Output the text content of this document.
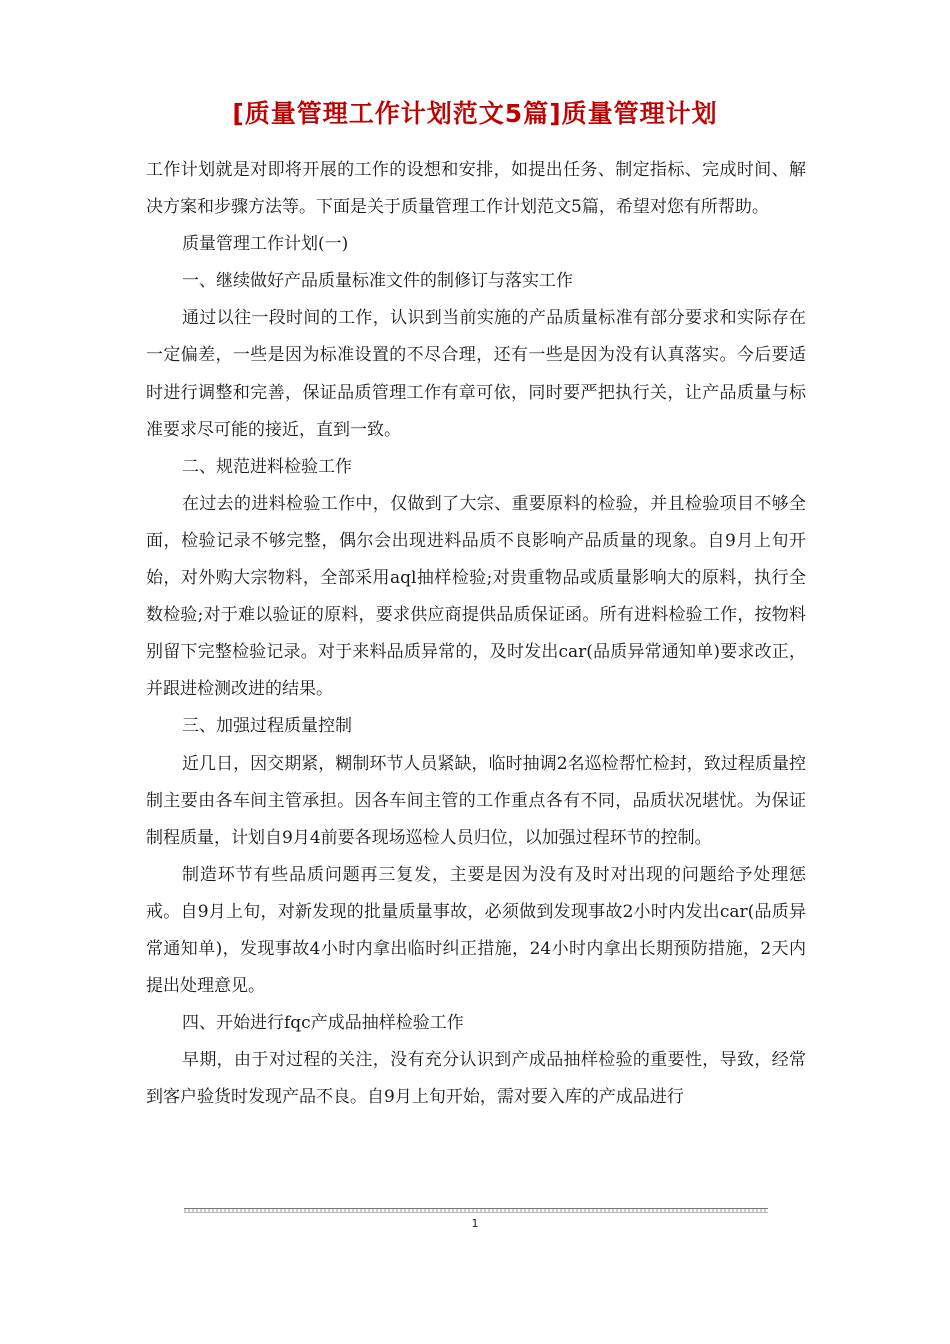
[质量管理工作计划范文5篇]质量管理计划

工作计划就是对即将开展的工作的设想和安排，如提出任务、制定指标、完成时间、解决方案和步骤方法等。下面是关于质量管理工作计划范文5篇，希望对您有所帮助。

质量管理工作计划(一)

一、继续做好产品质量标准文件的制修订与落实工作

通过以往一段时间的工作，认识到当前实施的产品质量标准有部分要求和实际存在一定偏差，一些是因为标准设置的不尽合理，还有一些是因为没有认真落实。今后要适时进行调整和完善，保证品质管理工作有章可依，同时要严把执行关，让产品质量与标准要求尽可能的接近，直到一致。

二、规范进料检验工作

在过去的进料检验工作中，仅做到了大宗、重要原料的检验，并且检验项目不够全面，检验记录不够完整，偶尔会出现进料品质不良影响产品质量的现象。自9月上旬开始，对外购大宗物料，全部采用aql抽样检验;对贵重物品或质量影响大的原料，执行全数检验;对于难以验证的原料，要求供应商提供品质保证函。所有进料检验工作，按物料别留下完整检验记录。对于来料品质异常的，及时发出car(品质异常通知单)要求改正，并跟进检测改进的结果。

三、加强过程质量控制

近几日，因交期紧，糊制环节人员紧缺，临时抽调2名巡检帮忙检封，致过程质量控制主要由各车间主管承担。因各车间主管的工作重点各有不同，品质状况堪忧。为保证制程质量，计划自9月4前要各现场巡检人员归位，以加强过程环节的控制。

制造环节有些品质问题再三复发，主要是因为没有及时对出现的问题给予处理惩戒。自9月上旬，对新发现的批量质量事故，必须做到发现事故2小时内发出car(品质异常通知单)，发现事故4小时内拿出临时纠正措施，24小时内拿出长期预防措施，2天内提出处理意见。

四、开始进行fqc产成品抽样检验工作

早期，由于对过程的关注，没有充分认识到产成品抽样检验的重要性，导致，经常到客户验货时发现产品不良。自9月上旬开始，需对要入库的产成品进行

1
